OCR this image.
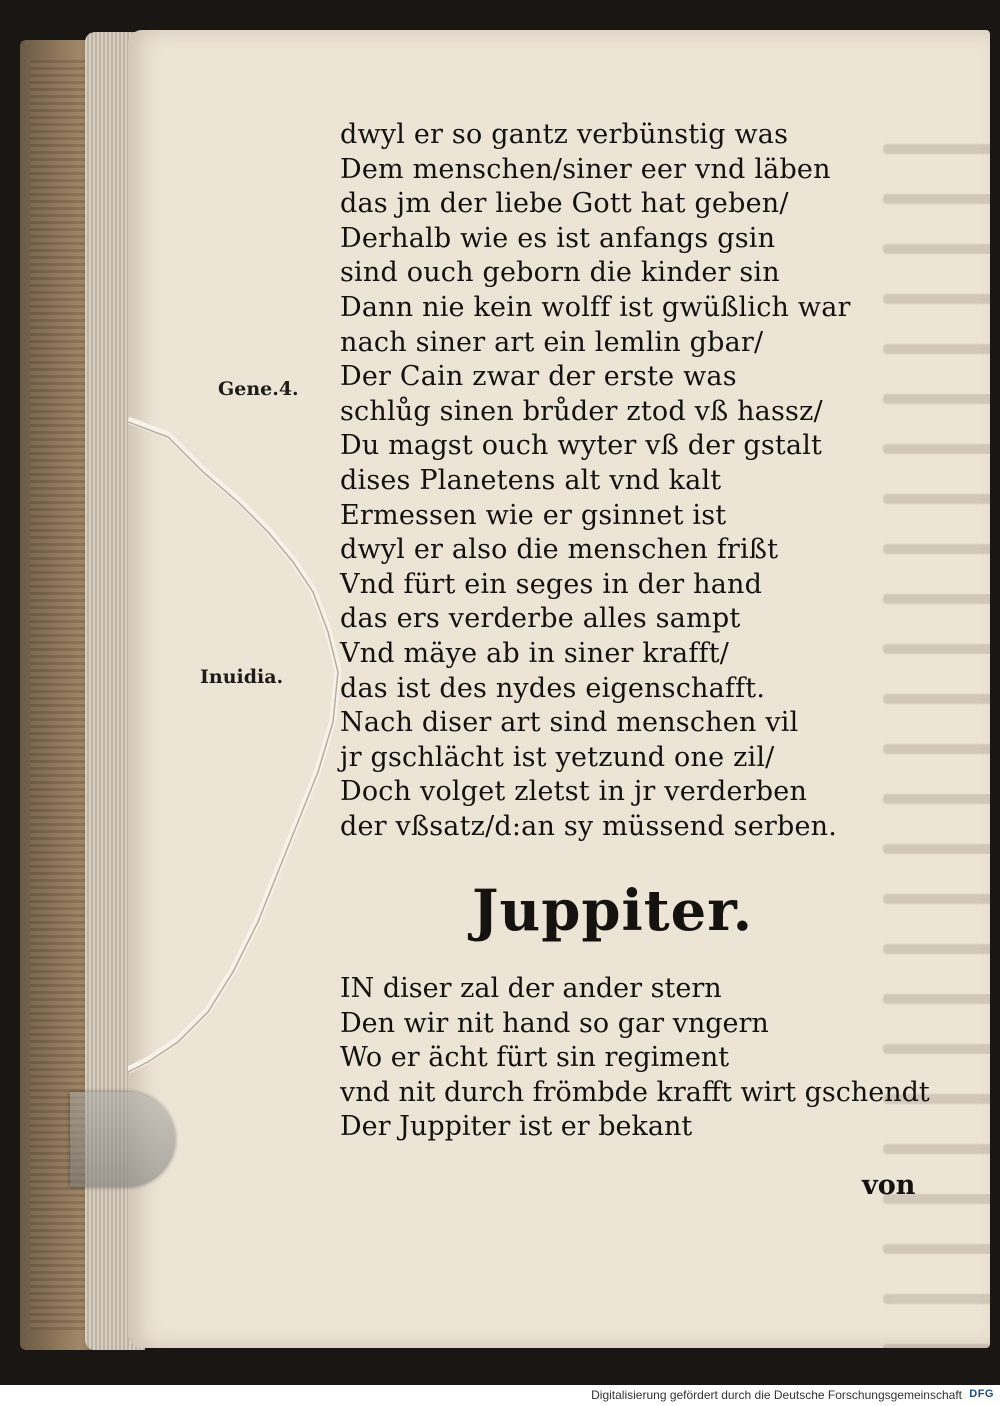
Gene.4.
Inuidia.
dwyl er so gantz verbünstig was
Dem menschen/siner eer vnd läben
das jm der liebe Gott hat geben/
Derhalb wie es ist anfangs gsin
sind ouch geborn die kinder sin
Dann nie kein wolff ist gwüßlich war
nach siner art ein lemlin gbar/
Der Cain zwar der erste was
schlůg sinen brůder ztod vß hassz/
Du magst ouch wyter vß der gstalt
dises Planetens alt vnd kalt
Ermessen wie er gsinnet ist
dwyl er also die menschen frißt
Vnd fürt ein seges in der hand
das ers verderbe alles sampt
Vnd mäye ab in siner krafft/
das ist des nydes eigenschafft.
Nach diser art sind menschen vil
jr gschlächt ist yetzund one zil/
Doch volget zletst in jr verderben
der vßsatz/d:an sy müssend serben.
Juppiter.
IN diser zal der ander stern
Den wir nit hand so gar vngern
Wo er ächt fürt sin regiment
vnd nit durch frömbde krafft wirt gschendt
Der Juppiter ist er bekant
von
Digitalisierung gefördert durch die Deutsche Forschungsgemeinschaft DFG
